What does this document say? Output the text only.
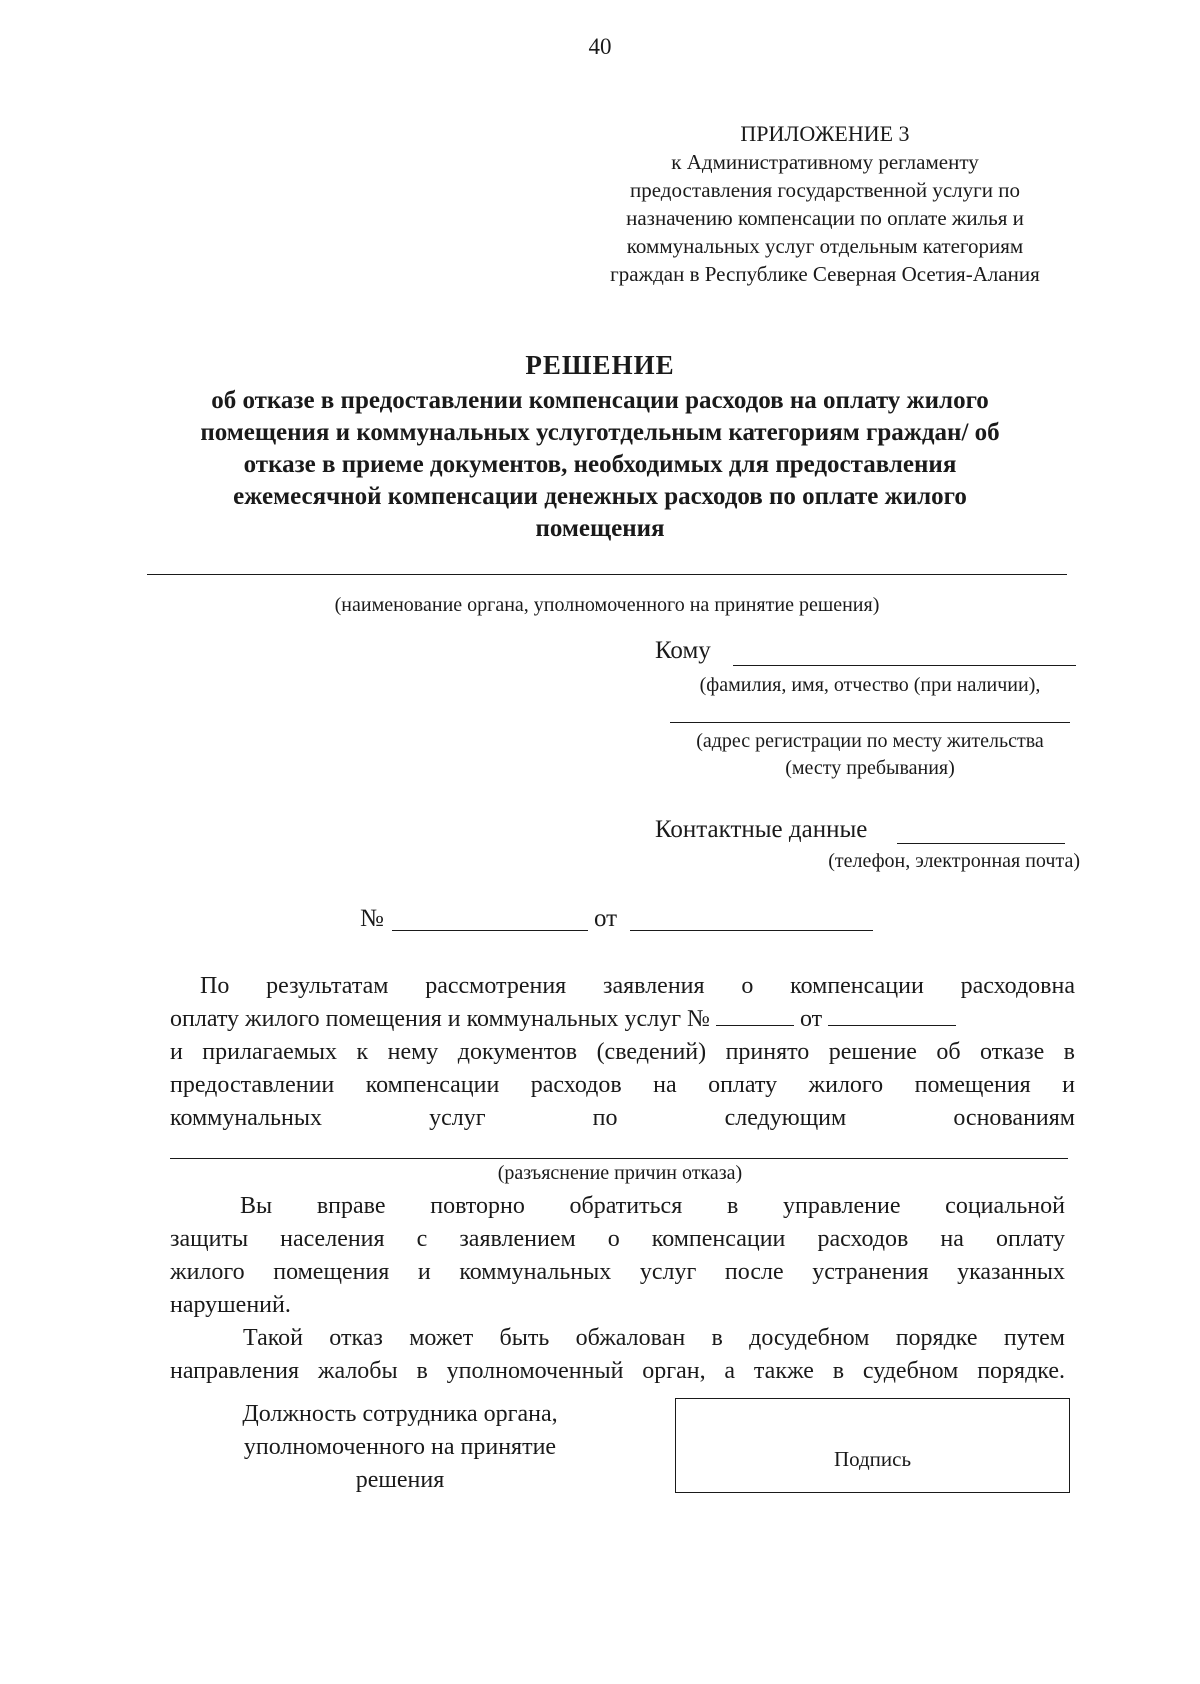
40
ПРИЛОЖЕНИЕ 3
к Административному регламенту
предоставления государственной услуги по
назначению компенсации по оплате жилья и
коммунальных услуг отдельным категориям
граждан в Республике Северная Осетия-Алания
РЕШЕНИЕ
об отказе в предоставлении компенсации расходов на оплату жилого
помещения и коммунальных услуготдельным категориям граждан/ об
отказе в приеме документов, необходимых для предоставления
ежемесячной компенсации денежных расходов по оплате жилого
помещения
(наименование органа, уполномоченного на принятие решения)
Кому
(фамилия, имя, отчество (при наличии),
(адрес регистрации по месту жительства
(месту пребывания)
Контактные данные
(телефон, электронная почта)
№	от
По результатам рассмотрения заявления о компенсации расходовна
оплату жилого помещения и коммунальных услуг №	от
и прилагаемых к нему документов (сведений) принято решение об отказе в
предоставлении компенсации расходов на оплату жилого помещения и
коммунальных услуг по следующим основаниям
(разъяснение причин отказа)
Вы вправе повторно обратиться в управление социальной
защиты населения с заявлением о компенсации расходов на оплату
жилого помещения и коммунальных услуг после устранения указанных
нарушений.
Такой отказ может быть обжалован в досудебном порядке путем
направления жалобы в уполномоченный орган, а также в судебном порядке.
Должность сотрудника органа,
уполномоченного на принятие
решения
Подпись
